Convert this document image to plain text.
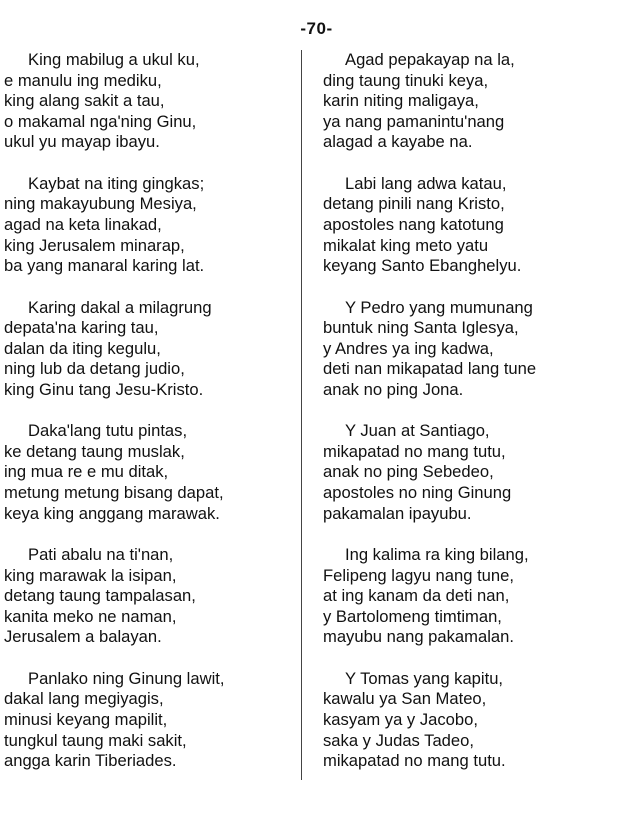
-70-
King mabilug a ukul ku,
e manulu ing mediku,
king alang sakit a tau,
o makamal nga'ning Ginu,
ukul yu mayap ibayu.
Kaybat na iting gingkas;
ning makayubung Mesiya,
agad na keta linakad,
king Jerusalem minarap,
ba yang manaral karing lat.
Karing dakal a milagrung
depata'na karing tau,
dalan da iting kegulu,
ning lub da detang judio,
king Ginu tang Jesu-Kristo.
Daka'lang tutu pintas,
ke detang taung muslak,
ing mua re e mu ditak,
metung metung bisang dapat,
keya king anggang marawak.
Pati abalu na ti'nan,
king marawak la isipan,
detang taung tampalasan,
kanita meko ne naman,
Jerusalem a balayan.
Panlako ning Ginung lawit,
dakal lang megiyagis,
minusi keyang mapilit,
tungkul taung maki sakit,
angga karin Tiberiades.
Agad pepakayap na la,
ding taung tinuki keya,
karin niting maligaya,
ya nang pamanintu'nang
alagad a kayabe na.
Labi lang adwa katau,
detang pinili nang Kristo,
apostoles nang katotung
mikalat king meto yatu
keyang Santo Ebanghelyu.
Y Pedro yang mumunang
buntuk ning Santa Iglesya,
y Andres ya ing kadwa,
deti nan mikapatad lang tune
anak no ping Jona.
Y Juan at Santiago,
mikapatad no mang tutu,
anak no ping Sebedeo,
apostoles no ning Ginung
pakamalan ipayubu.
Ing kalima ra king bilang,
Felipeng lagyu nang tune,
at ing kanam da deti nan,
y Bartolomeng timtiman,
mayubu nang pakamalan.
Y Tomas yang kapitu,
kawalu ya San Mateo,
kasyam ya y Jacobo,
saka y Judas Tadeo,
mikapatad no mang tutu.
